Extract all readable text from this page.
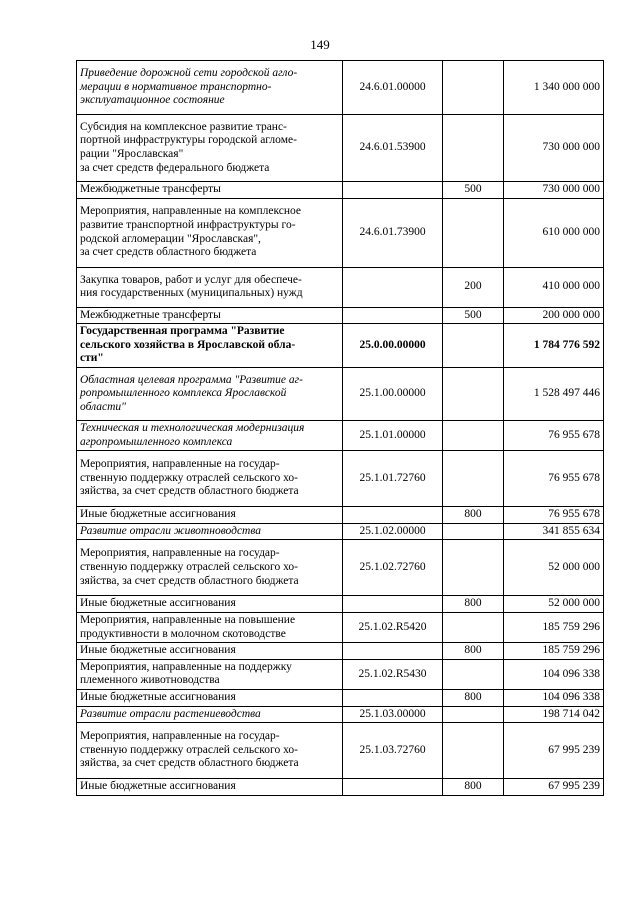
149
Приведение дорожной сети городской агло-
мерации в нормативное транспортно-
эксплуатационное состояние	24.6.01.00000		1 340 000 000
Субсидия на комплексное развитие транс-
портной инфраструктуры городской агломе-
рации "Ярославская"
за счет средств федерального бюджета	24.6.01.53900		730 000 000
Межбюджетные трансферты		500	730 000 000
Мероприятия, направленные на комплексное
развитие транспортной инфраструктуры го-
родской агломерации "Ярославская",
за счет средств областного бюджета	24.6.01.73900		610 000 000
Закупка товаров, работ и услуг для обеспече-
ния государственных (муниципальных) нужд		200	410 000 000
Межбюджетные трансферты		500	200 000 000
Государственная программа "Развитие
сельского хозяйства в Ярославской обла-
сти"	25.0.00.00000		1 784 776 592
Областная целевая программа "Развитие аг-
ропромышленного комплекса Ярославской
области"	25.1.00.00000		1 528 497 446
Техническая и технологическая модернизация
агропромышленного комплекса	25.1.01.00000		76 955 678
Мероприятия, направленные на государ-
ственную поддержку отраслей сельского хо-
зяйства, за счет средств областного бюджета	25.1.01.72760		76 955 678
Иные бюджетные ассигнования		800	76 955 678
Развитие отрасли животноводства	25.1.02.00000		341 855 634
Мероприятия, направленные на государ-
ственную поддержку отраслей сельского хо-
зяйства, за счет средств областного бюджета	25.1.02.72760		52 000 000
Иные бюджетные ассигнования		800	52 000 000
Мероприятия, направленные на повышение
продуктивности в молочном скотоводстве	25.1.02.R5420		185 759 296
Иные бюджетные ассигнования		800	185 759 296
Мероприятия, направленные на поддержку
племенного животноводства	25.1.02.R5430		104 096 338
Иные бюджетные ассигнования		800	104 096 338
Развитие отрасли растениеводства	25.1.03.00000		198 714 042
Мероприятия, направленные на государ-
ственную поддержку отраслей сельского хо-
зяйства, за счет средств областного бюджета	25.1.03.72760		67 995 239
Иные бюджетные ассигнования		800	67 995 239
